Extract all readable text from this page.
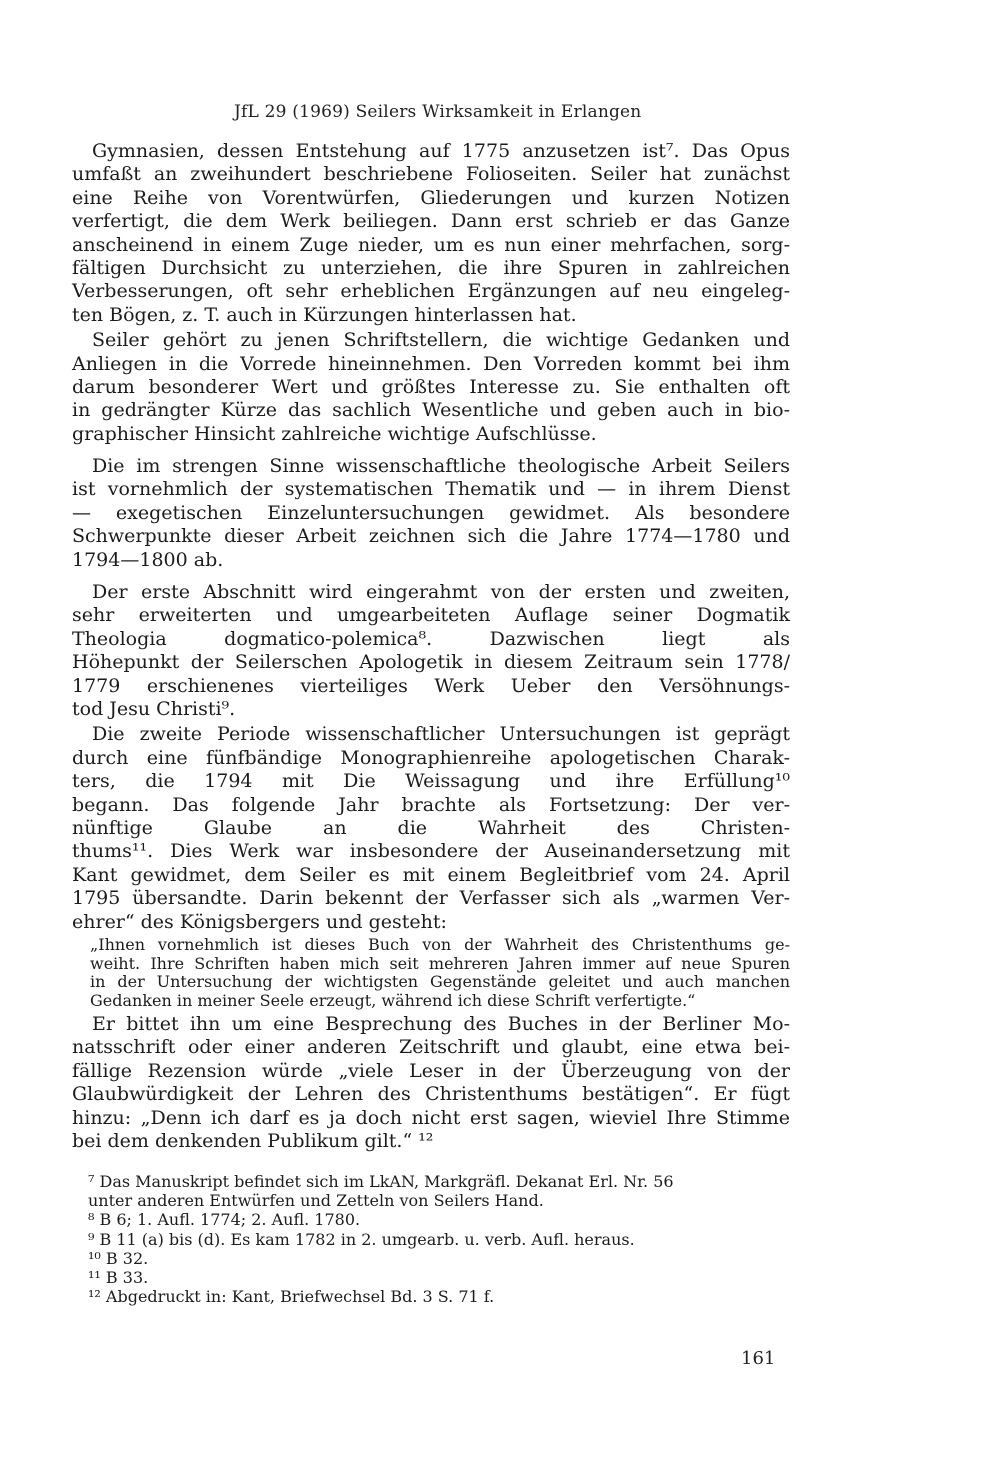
JfL 29 (1969) Seilers Wirksamkeit in Erlangen
Gymnasien, dessen Entstehung auf 1775 anzusetzen ist⁷. Das Opus
umfaßt an zweihundert beschriebene Folioseiten. Seiler hat zunächst
eine Reihe von Vorentwürfen, Gliederungen und kurzen Notizen
verfertigt, die dem Werk beiliegen. Dann erst schrieb er das Ganze
anscheinend in einem Zuge nieder, um es nun einer mehrfachen, sorg-
fältigen Durchsicht zu unterziehen, die ihre Spuren in zahlreichen
Verbesserungen, oft sehr erheblichen Ergänzungen auf neu eingeleg-
ten Bögen, z. T. auch in Kürzungen hinterlassen hat.
Seiler gehört zu jenen Schriftstellern, die wichtige Gedanken und
Anliegen in die Vorrede hineinnehmen. Den Vorreden kommt bei ihm
darum besonderer Wert und größtes Interesse zu. Sie enthalten oft
in gedrängter Kürze das sachlich Wesentliche und geben auch in bio-
graphischer Hinsicht zahlreiche wichtige Aufschlüsse.
Die im strengen Sinne wissenschaftliche theologische Arbeit Seilers
ist vornehmlich der systematischen Thematik und — in ihrem Dienst
— exegetischen Einzeluntersuchungen gewidmet. Als besondere
Schwerpunkte dieser Arbeit zeichnen sich die Jahre 1774—1780 und
1794—1800 ab.
Der erste Abschnitt wird eingerahmt von der ersten und zweiten,
sehr erweiterten und umgearbeiteten Auflage seiner Dogmatik
Theologia dogmatico-polemica⁸. Dazwischen liegt als
Höhepunkt der Seilerschen Apologetik in diesem Zeitraum sein 1778/
1779 erschienenes vierteiliges Werk Ueber den Versöhnungs-
tod Jesu Christi⁹.
Die zweite Periode wissenschaftlicher Untersuchungen ist geprägt
durch eine fünfbändige Monographienreihe apologetischen Charak-
ters, die 1794 mit Die Weissagung und ihre Erfüllung¹⁰
begann. Das folgende Jahr brachte als Fortsetzung: Der ver-
nünftige Glaube an die Wahrheit des Christen-
thums¹¹. Dies Werk war insbesondere der Auseinandersetzung mit
Kant gewidmet, dem Seiler es mit einem Begleitbrief vom 24. April
1795 übersandte. Darin bekennt der Verfasser sich als „warmen Ver-
ehrer“ des Königsbergers und gesteht:
„Ihnen vornehmlich ist dieses Buch von der Wahrheit des Christenthums ge-
weiht. Ihre Schriften haben mich seit mehreren Jahren immer auf neue Spuren
in der Untersuchung der wichtigsten Gegenstände geleitet und auch manchen
Gedanken in meiner Seele erzeugt, während ich diese Schrift verfertigte.“
Er bittet ihn um eine Besprechung des Buches in der Berliner Mo-
natsschrift oder einer anderen Zeitschrift und glaubt, eine etwa bei-
fällige Rezension würde „viele Leser in der Überzeugung von der
Glaubwürdigkeit der Lehren des Christenthums bestätigen“. Er fügt
hinzu: „Denn ich darf es ja doch nicht erst sagen, wieviel Ihre Stimme
bei dem denkenden Publikum gilt.“ ¹²
⁷ Das Manuskript befindet sich im LkAN, Markgräfl. Dekanat Erl. Nr. 56
unter anderen Entwürfen und Zetteln von Seilers Hand.
⁸ B 6; 1. Aufl. 1774; 2. Aufl. 1780.
⁹ B 11 (a) bis (d). Es kam 1782 in 2. umgearb. u. verb. Aufl. heraus.
¹⁰ B 32.
¹¹ B 33.
¹² Abgedruckt in: Kant, Briefwechsel Bd. 3 S. 71 f.
161
